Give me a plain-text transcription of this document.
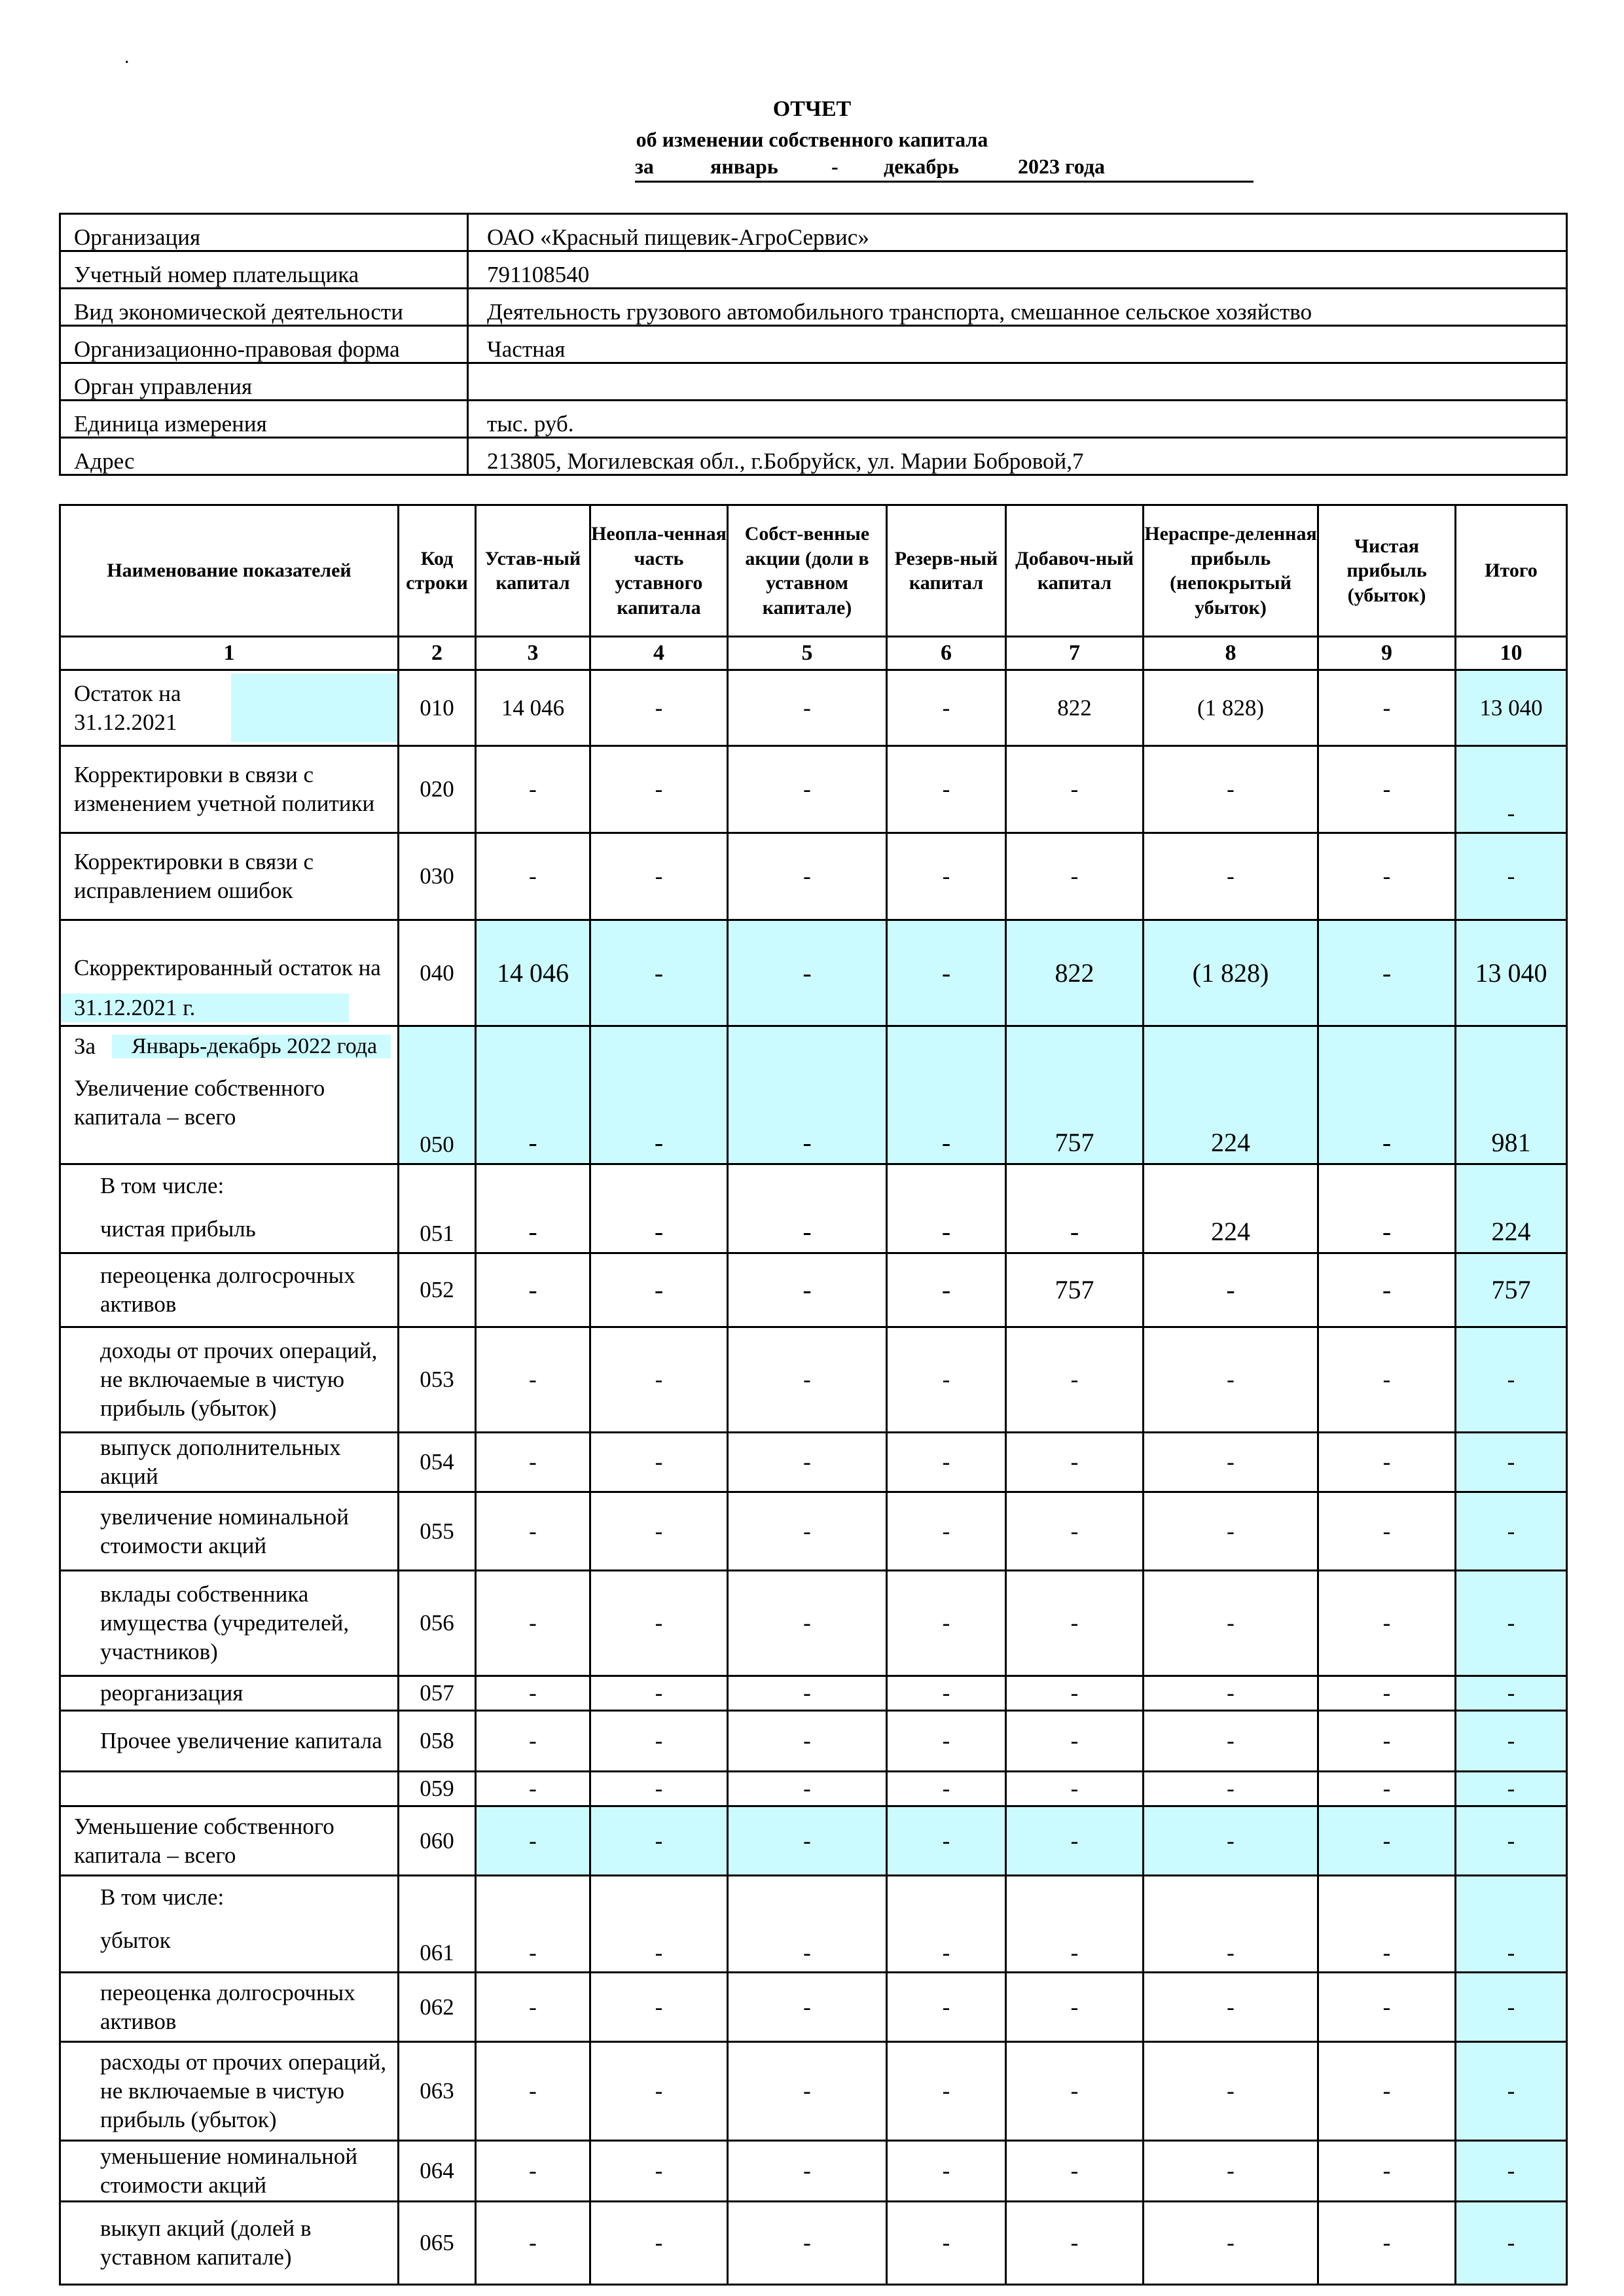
.
ОТЧЕТ
об изменении собственного капитала
за	январь	- декабрь	2023 года
Организация	ОАО «Красный пищевик-АгроСервис»
Учетный номер плательщика	791108540
Вид экономической деятельности	Деятельность грузового автомобильного транспорта, смешанное сельское хозяйство
Организационно-правовая форма	Частная
Орган управления	
Единица измерения	тыс. руб.
Адрес	213805, Могилевская обл., г.Бобруйск, ул. Марии Бобровой,7
Наименование показателей	Код строки	Устав-ный капитал	Неопла-ченная часть уставного капитала	Собст-венные акции (доли в уставном капитале)	Резерв-ный капитал	Добавоч-ный капитал	Нераспре-деленная прибыль (непокрытый убыток)	Чистая прибыль (убыток)	Итого
1	2	3	4	5	6	7	8	9	10

Остаток на
31.12.2021	010	14 046	-	-	-	822	(1 828)	-	13 040
Корректировки в связи с изменением учетной политики	020	-	-	-	-	-	-	-	-
Корректировки в связи с исправлением ошибок	030	-	-	-	-	-	-	-	-

Скорректированный остаток на
31.12.2021 г.	040	14 046	-	-	-	822	(1 828)	-	13 040

За Январь-декабрь 2022 года
Увеличение собственного капитала – всего	050	-	-	-	-	757	224	-	981

В том числе:
чистая прибыль	051	-	-	-	-	-	224	-	224
переоценка долгосрочных активов	052	-	-	-	-	757	-	-	757
доходы от прочих операций, не включаемые в чистую прибыль (убыток)	053	-	-	-	-	-	-	-	-
выпуск дополнительных акций	054	-	-	-	-	-	-	-	-
увеличение номинальной стоимости акций	055	-	-	-	-	-	-	-	-
вклады собственника имущества (учредителей, участников)	056	-	-	-	-	-	-	-	-
реорганизация	057	-	-	-	-	-	-	-	-
Прочее увеличение капитала	058	-	-	-	-	-	-	-	-
	059	-	-	-	-	-	-	-	-
Уменьшение собственного капитала – всего	060	-	-	-	-	-	-	-	-

В том числе:
убыток	061	-	-	-	-	-	-	-	-
переоценка долгосрочных активов	062	-	-	-	-	-	-	-	-
расходы от прочих операций, не включаемые в чистую прибыль (убыток)	063	-	-	-	-	-	-	-	-
уменьшение номинальной стоимости акций	064	-	-	-	-	-	-	-	-
выкуп акций (долей в уставном капитале)	065	-	-	-	-	-	-	-	-
